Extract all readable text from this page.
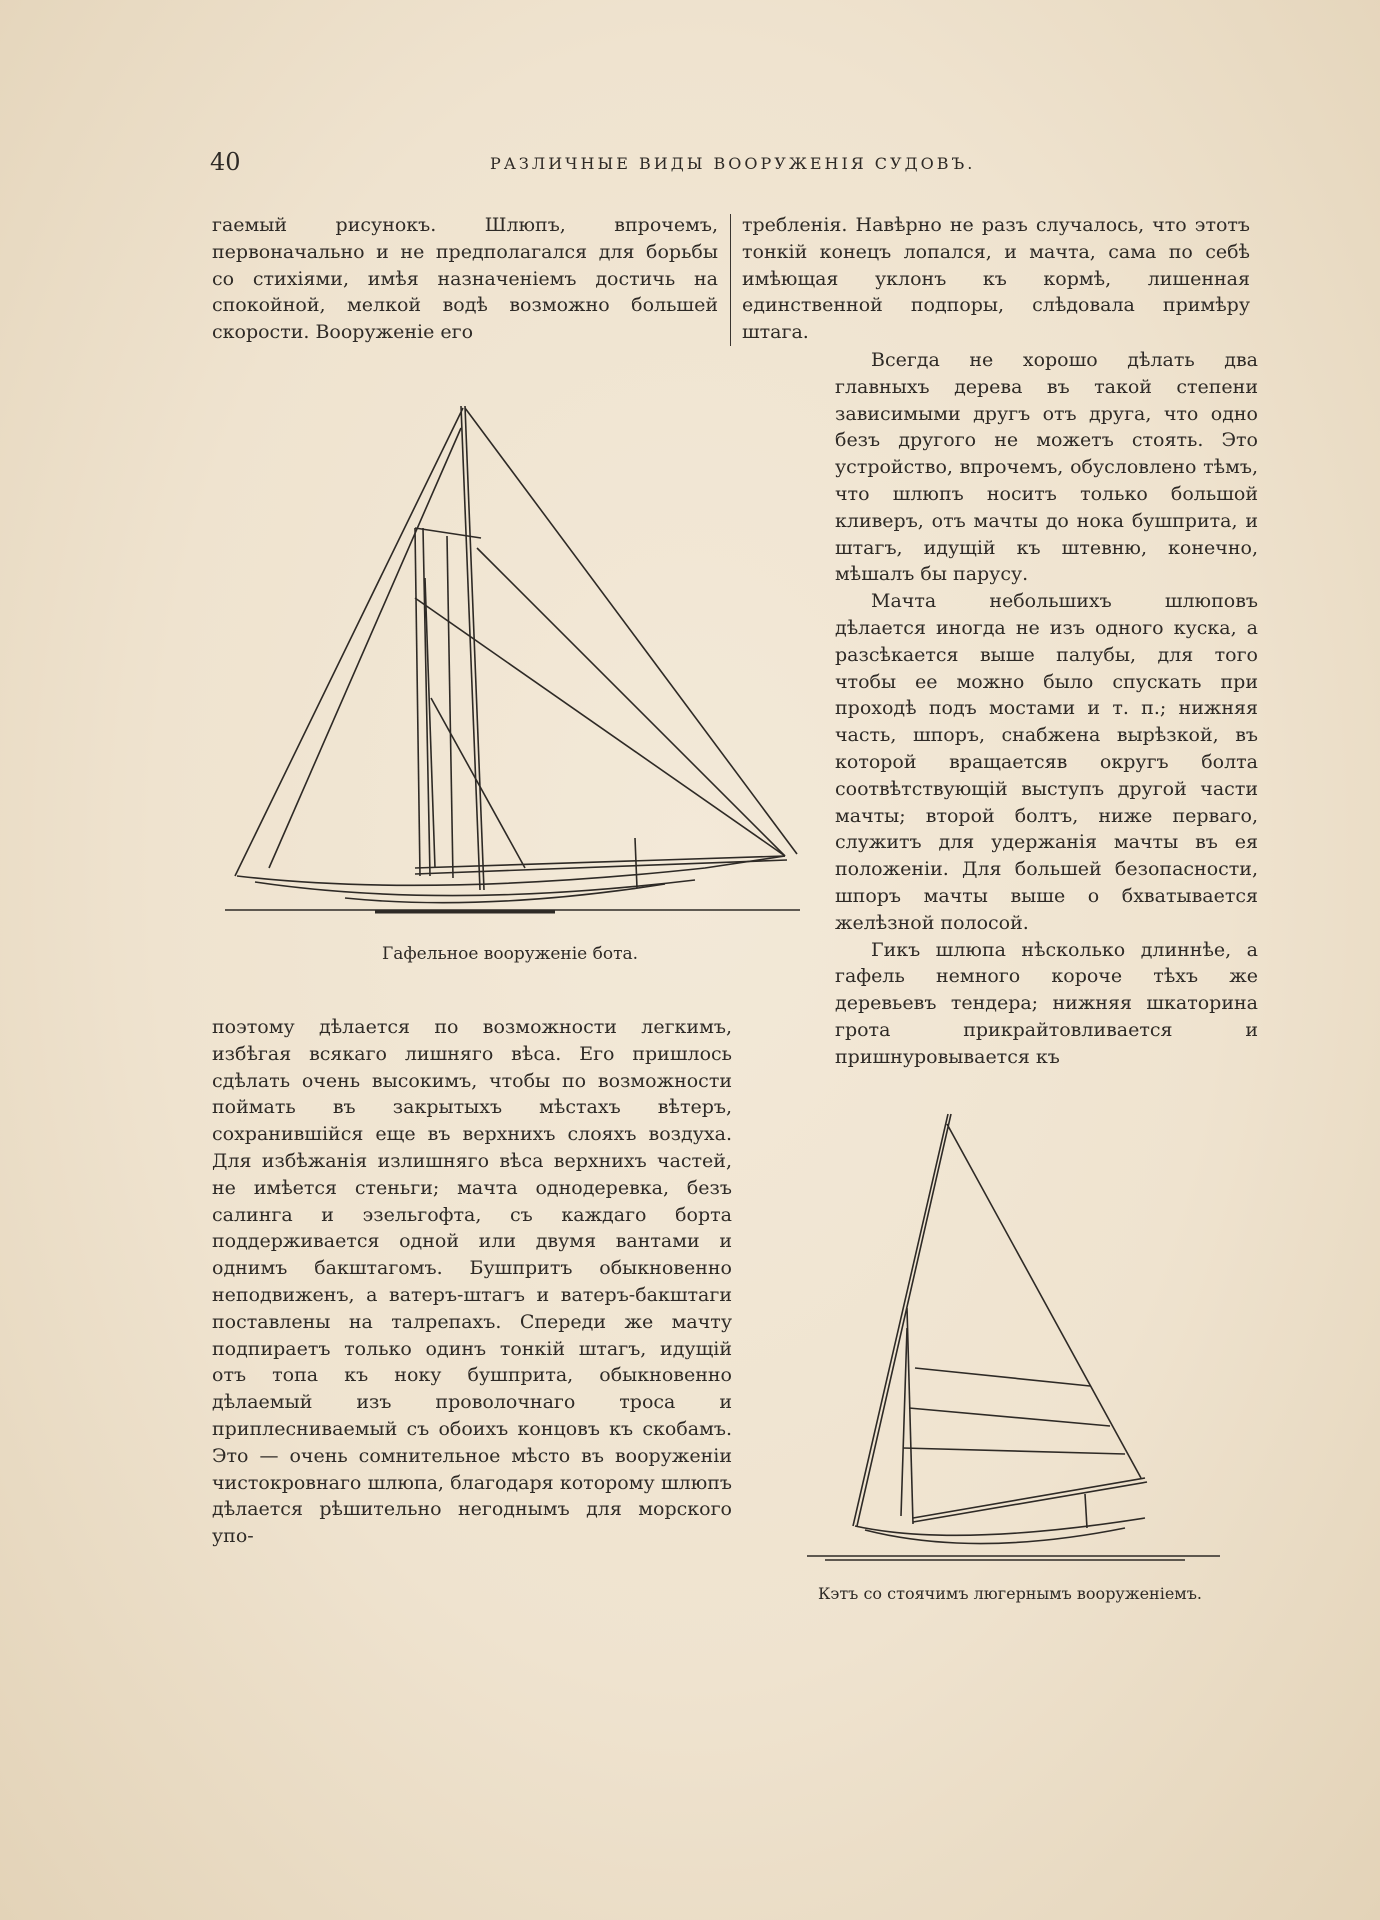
40	РАЗЛИЧНЫЕ ВИДЫ ВООРУЖЕНІЯ СУДОВЪ.

гаемый рисунокъ. Шлюпъ, впрочемъ, первоначально и не предполагался для борьбы со стихіями, имѣя назначеніемъ достичь на спокойной, мелкой водѣ возможно большей скорости. Вооруженіе его

требленія. Навѣрно не разъ случалось, что этотъ тонкій конецъ лопался, и мачта, сама по себѣ имѣющая уклонъ къ кормѣ, лишенная единственной подпоры, слѣдовала примѣру штага.

Гафельное вооруженіе бота.

Всегда не хорошо дѣлать два главныхъ дерева въ такой степени зависимыми другъ отъ друга, что одно безъ другого не можетъ стоять. Это устройство, впрочемъ, обусловлено тѣмъ, что шлюпъ носитъ только большой кливеръ, отъ мачты до нока бушприта, и штагъ, идущій къ штевню, конечно, мѣшалъ бы парусу.

Мачта небольшихъ шлюповъ дѣлается иногда не изъ одного куска, а разсѣкается выше палубы, для того чтобы ее можно было спускать при проходѣ подъ мостами и т. п.; нижняя часть, шпоръ, снабжена вырѣзкой, въ которой вращаетсяв округъ болта соотвѣтствующій выступъ другой части мачты; второй болтъ, ниже перваго, служитъ для удержанія мачты въ ея положеніи. Для большей безопасности, шпоръ мачты выше о бхватывается желѣзной полосой.

Гикъ шлюпа нѣсколько длиннѣе, а гафель немного короче тѣхъ же деревьевъ тендера; нижняя шкаторина грота прикрайтовливается и пришнуровывается къ

поэтому дѣлается по возможности легкимъ, избѣгая всякаго лишняго вѣса. Его пришлось сдѣлать очень высокимъ, чтобы по возможности поймать въ закрытыхъ мѣстахъ вѣтеръ, сохранившійся еще въ верхнихъ слояхъ воздуха. Для избѣжанія излишняго вѣса верхнихъ частей, не имѣется стеньги; мачта однодеревка, безъ салинга и эзельгофта, съ каждаго борта поддерживается одной или двумя вантами и однимъ бакштагомъ. Бушпритъ обыкновенно неподвиженъ, а ватеръ-штагъ и ватеръ-бакштаги поставлены на талрепахъ. Спереди же мачту подпираетъ только одинъ тонкій штагъ, идущій отъ топа къ ноку бушприта, обыкновенно дѣлаемый изъ проволочнаго троса и приплесниваемый съ обоихъ концовъ къ скобамъ. Это — очень сомнительное мѣсто въ вооруженіи чистокровнаго шлюпа, благодаря которому шлюпъ дѣлается рѣшительно негоднымъ для морского упо-

Кэтъ со стоячимъ люгернымъ вооруженіемъ.
